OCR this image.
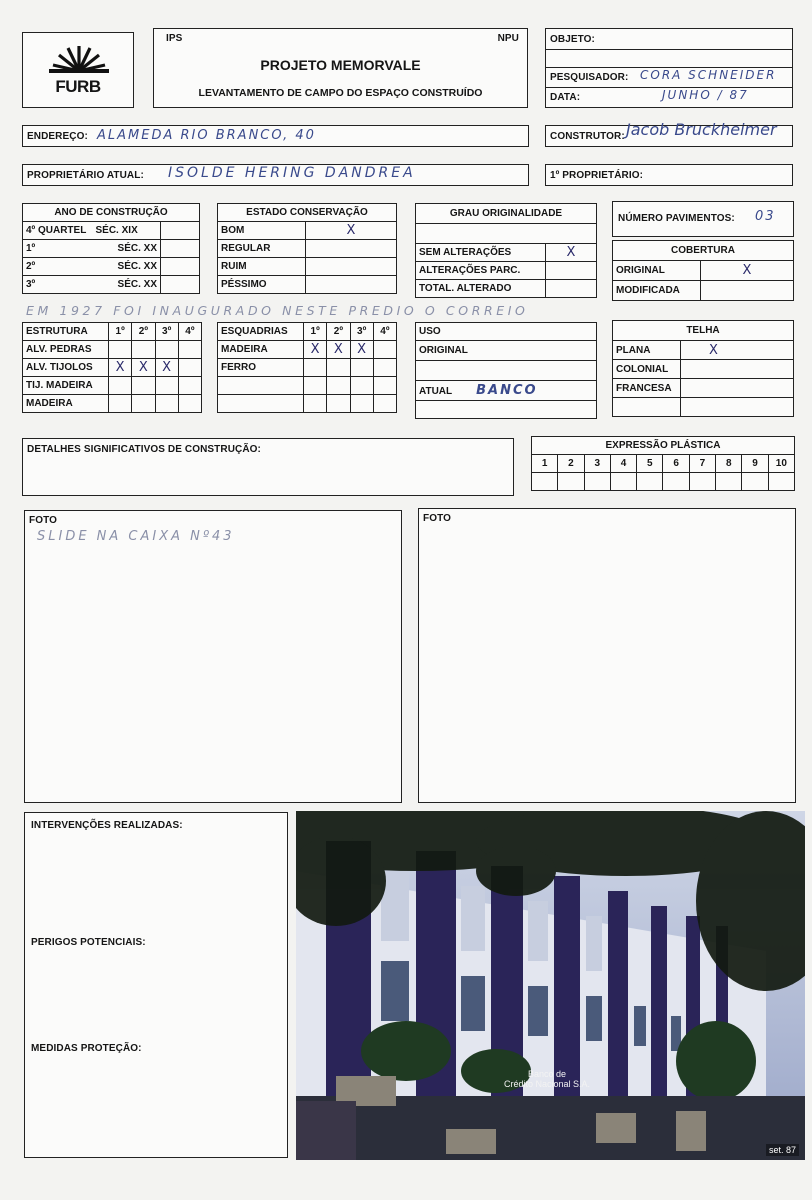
FURB
IPS	NPU
PROJETO MEMORVALE
LEVANTAMENTO DE CAMPO DO ESPAÇO CONSTRUÍDO
OBJETO:
PESQUISADOR: CORA SCHNEIDER
DATA:	JUNHO / 87
ENDEREÇO: ALAMEDA RIO BRANCO, 40	CONSTRUTOR: Jacob Bruckheimer
PROPRIETÁRIO ATUAL: ISOLDE HERING DANDREA	1º PROPRIETÁRIO:
ANO DE CONSTRUÇÃO		
4º QUARTEL	SÉC. XIX	
1º	SÉC. XX	
2º	SÉC. XX	
3º	SÉC. XX	
ESTADO CONSERVAÇÃO	
BOM	X
REGULAR	
RUIM	
PÉSSIMO	
GRAU ORIGINALIDADE	

SEM ALTERAÇÕES	X
ALTERAÇÕES PARC.	
TOTAL. ALTERADO	
NÚMERO PAVIMENTOS: 03
COBERTURA	
ORIGINAL	X
MODIFICADA	
EM 1927 FOI INAUGURADO NESTE PREDIO O CORREIO
ESTRUTURA	1º	2º	3º	4º
ALV. PEDRAS				
ALV. TIJOLOS	X	X	X	
TIJ. MADEIRA				
MADEIRA				
ESQUADRIAS	1º	2º	3º	4º
MADEIRA	X	X	X	
FERRO				

USO
ORIGINAL

ATUAL BANCO

TELHA	
PLANA	X
COLONIAL	
FRANCESA	

DETALHES SIGNIFICATIVOS DE CONSTRUÇÃO:	EXPRESSÃO PLÁSTICA									
1	2	3	4	5	6	7	8	9	10

FOTO
SLIDE NA CAIXA Nº43
FOTO
INTERVENÇÕES REALIZADAS:
PERIGOS POTENCIAIS:
MEDIDAS PROTEÇÃO:
Banco de
Crédito Nacional S.A.
set. 87
